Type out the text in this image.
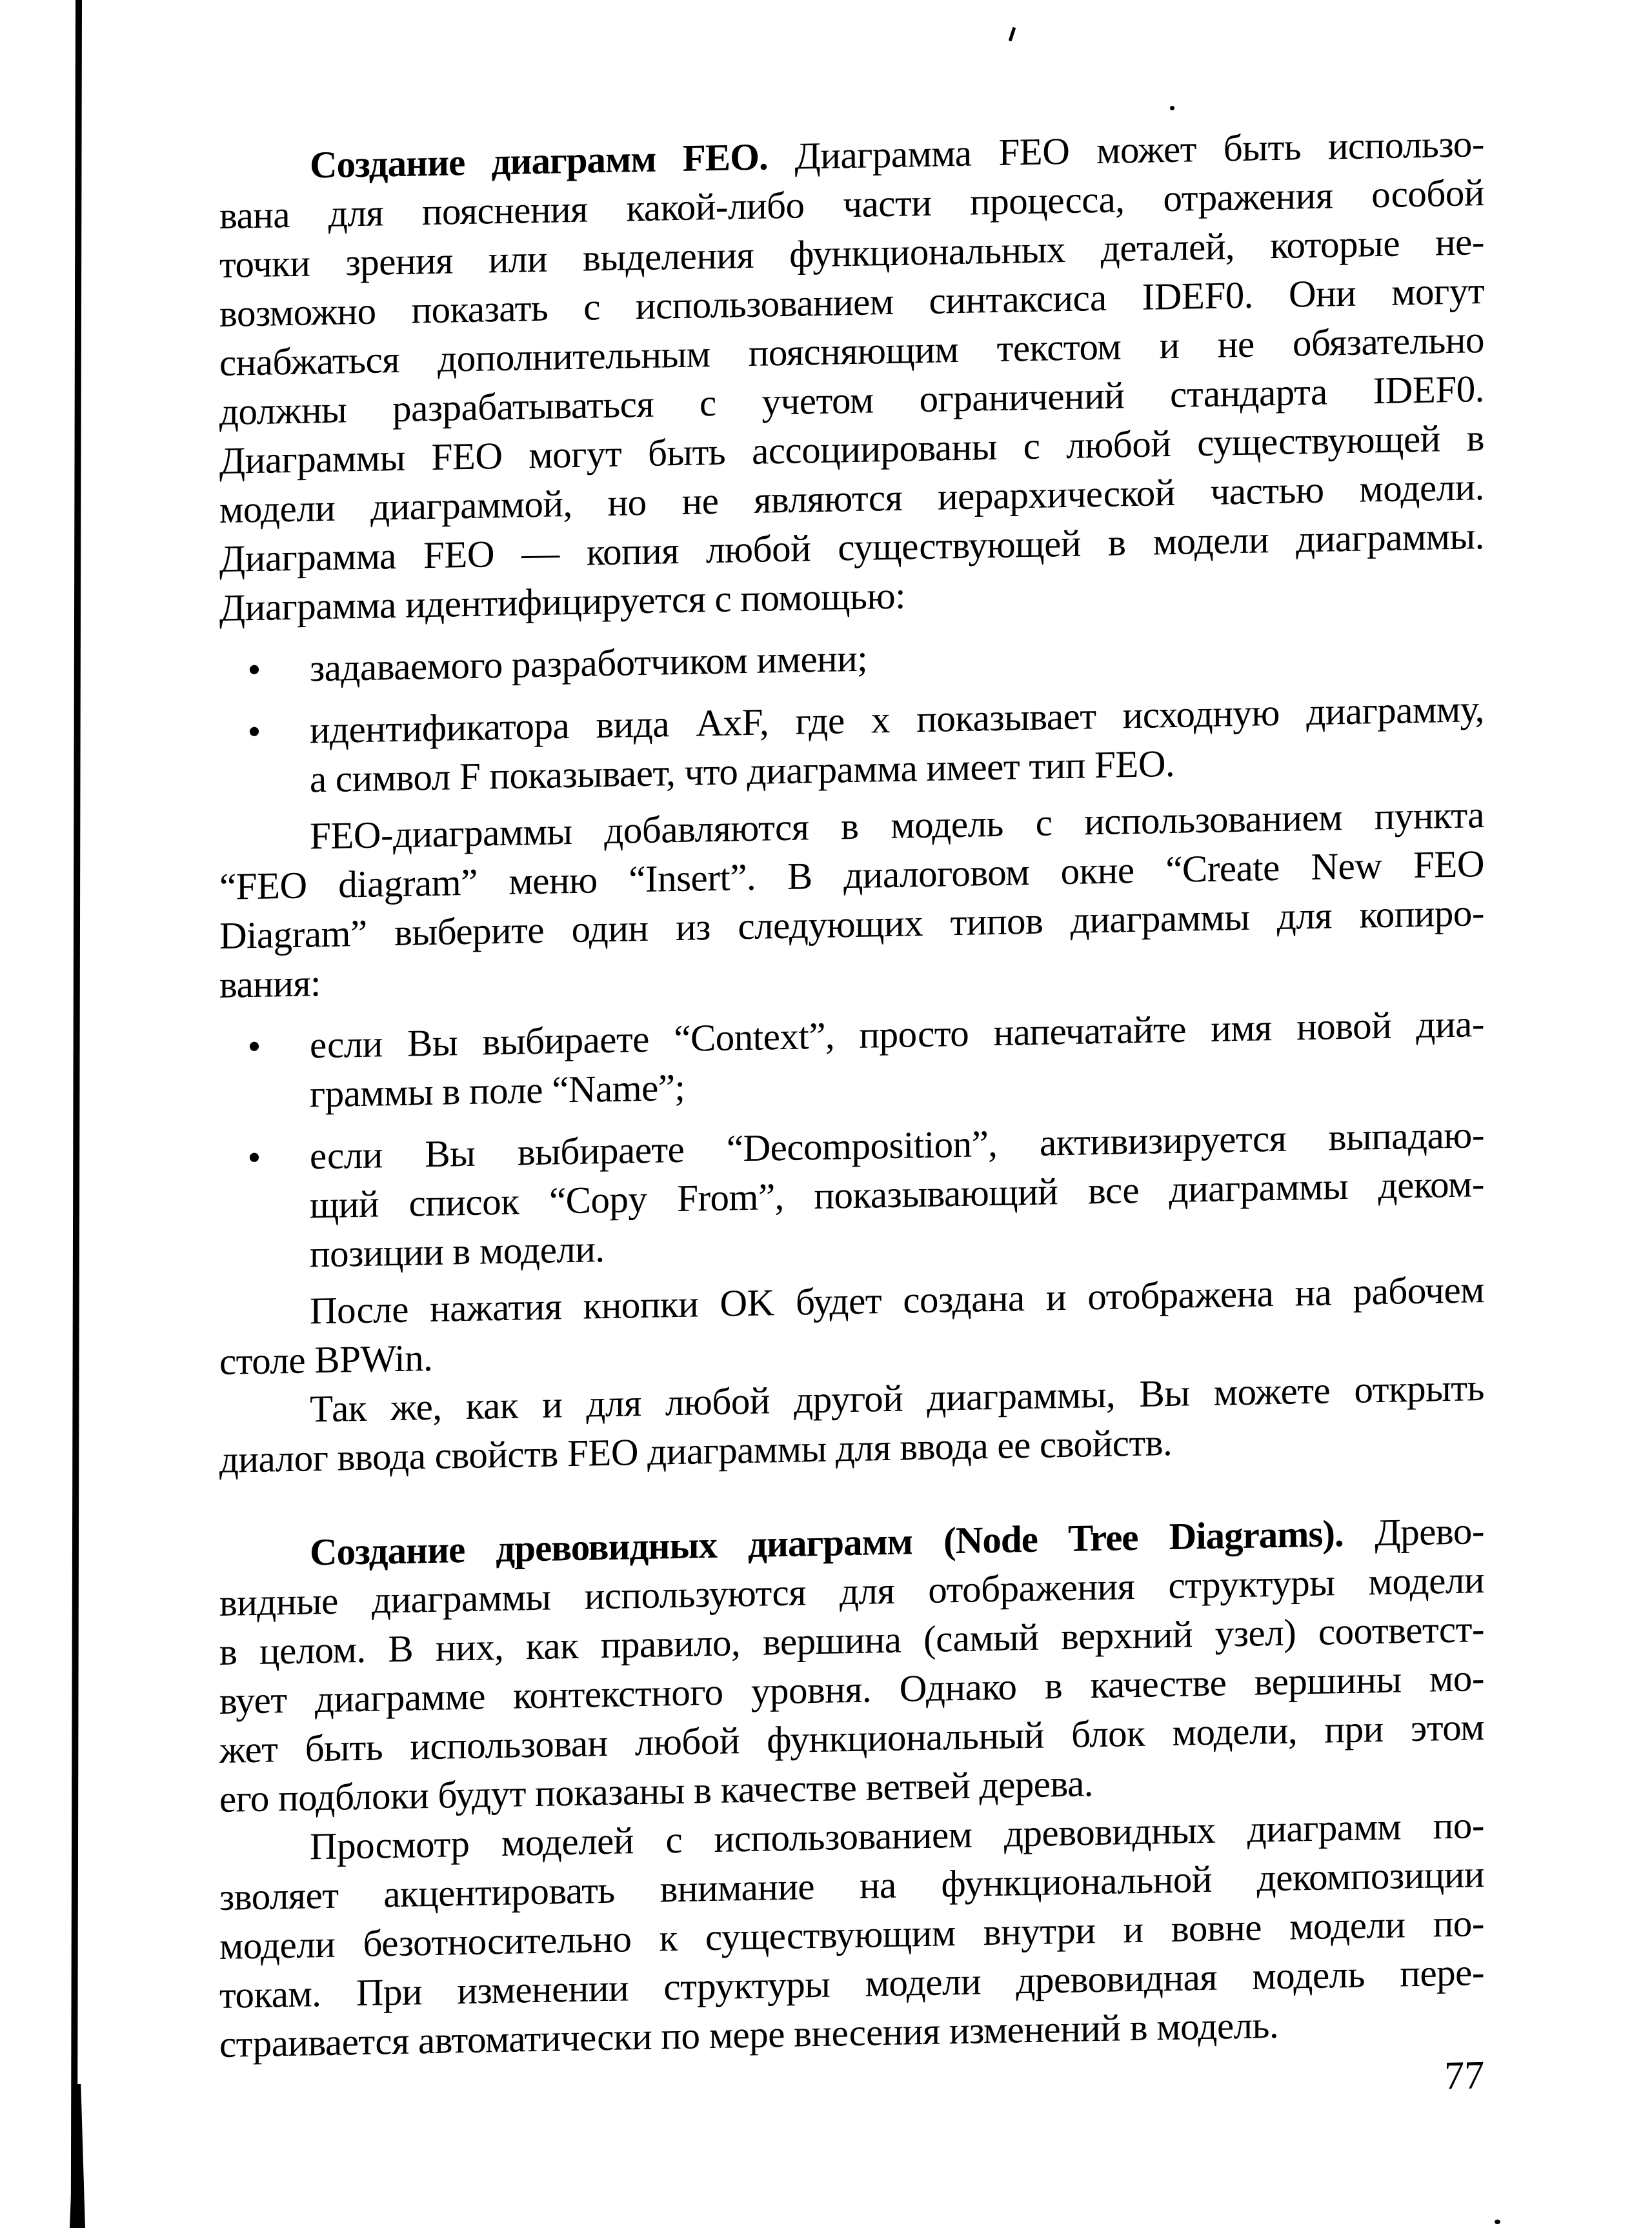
Создание диаграмм FEO. Диаграмма FEO может быть использо-
вана для пояснения какой-либо части процесса, отражения особой
точки зрения или выделения функциональных деталей, которые не-
возможно показать с использованием синтаксиса IDEF0. Они могут
снабжаться дополнительным поясняющим текстом и не обязательно
должны разрабатываться с учетом ограничений стандарта IDEF0.
Диаграммы FEO могут быть ассоциированы с любой существующей в
модели диаграммой, но не являются иерархической частью модели.
Диаграмма FEO — копия любой существующей в модели диаграммы.
Диаграмма идентифицируется с помощью:
●	задаваемого разработчиком имени;
●	идентификатора вида AxF, где x показывает исходную диаграмму,
а символ F показывает, что диаграмма имеет тип FEO.
FEO-диаграммы добавляются в модель с использованием пункта
“FEO diagram” меню “Insert”. В диалоговом окне “Create New FEO
Diagram” выберите один из следующих типов диаграммы для копиро-
вания:
●	если Вы выбираете “Context”, просто напечатайте имя новой диа-
граммы в поле “Name”;
●	если Вы выбираете “Decomposition”, активизируется выпадаю-
щий список “Copy From”, показывающий все диаграммы деком-
позиции в модели.
После нажатия кнопки OK будет создана и отображена на рабочем
столе BPWin.
Так же, как и для любой другой диаграммы, Вы можете открыть
диалог ввода свойств FEO диаграммы для ввода ее свойств.
Создание древовидных диаграмм (Node Tree Diagrams). Древо-
видные диаграммы используются для отображения структуры модели
в целом. В них, как правило, вершина (самый верхний узел) соответст-
вует диаграмме контекстного уровня. Однако в качестве вершины мо-
жет быть использован любой функциональный блок модели, при этом
его подблоки будут показаны в качестве ветвей дерева.
Просмотр моделей с использованием древовидных диаграмм по-
зволяет акцентировать внимание на функциональной декомпозиции
модели безотносительно к существующим внутри и вовне модели по-
токам. При изменении структуры модели древовидная модель пере-
страивается автоматически по мере внесения изменений в модель.
77
